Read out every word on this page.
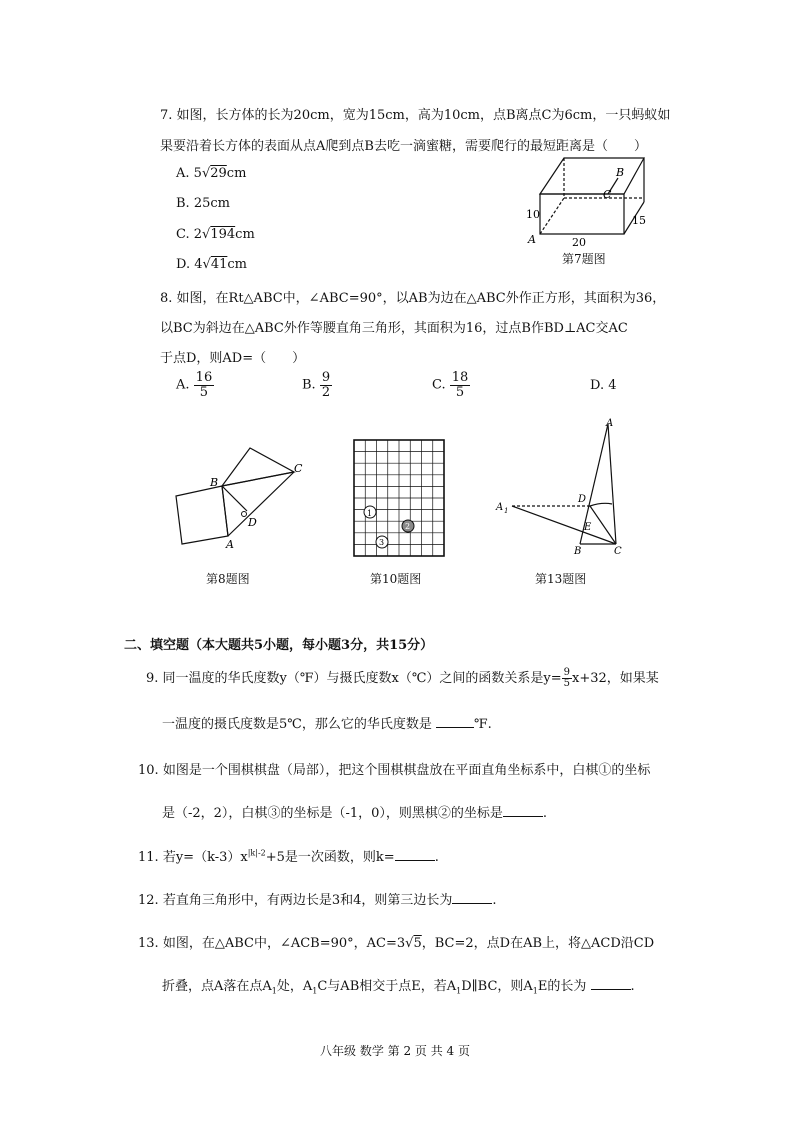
7. 如图，长方体的长为20cm，宽为15cm，高为10cm，点B离点C为6cm，一只蚂蚁如
果要沿着长方体的表面从点A爬到点B去吃一滴蜜糖，需要爬行的最短距离是（　　）
A. 5√29cm
B. 25cm
C. 2√194cm
D. 4√41cm
B
C
A
10
20
15
第7题图
8. 如图，在Rt△ABC中，∠ABC=90°，以AB为边在△ABC外作正方形，其面积为36，
以BC为斜边在△ABC外作等腰直角三角形，其面积为16，过点B作BD⊥AC交AC
于点D，则AD=（　　）
A. $\frac{16}{5}$	B. $\frac{9}{2}$	C. $\frac{18}{5}$	D. 4
B
C
D
A
第8题图
1
2
3
第10题图
A
A 1
D
E
B	C
第13题图
二、填空题（本大题共5小题，每小题3分，共15分）
9. 同一温度的华氏度数y（℉）与摄氏度数x（℃）之间的函数关系是$y= \frac{9}{5} x+32$，如果某
一温度的摄氏度数是5℃，那么它的华氏度数是	℉.
10. 如图是一个围棋棋盘（局部），把这个围棋棋盘放在平面直角坐标系中，白棋①的坐标
是（-2，2），白棋③的坐标是（-1，0），则黑棋②的坐标是	.
11. 若$y=(k-3)x^{|k|-2}+5$是一次函数，则k=	.
12. 若直角三角形中，有两边长是3和4，则第三边长为	.
13. 如图，在△ABC中，∠ACB=90°，AC=3√5，BC=2，点D在AB上，将△ACD沿CD
折叠，点A落在点$A_1$处，$A_1C$与AB相交于点E，若$A_1D\parallel BC$，则$A_1E$的长为	.
八年级 数学 第 2 页 共 4 页
